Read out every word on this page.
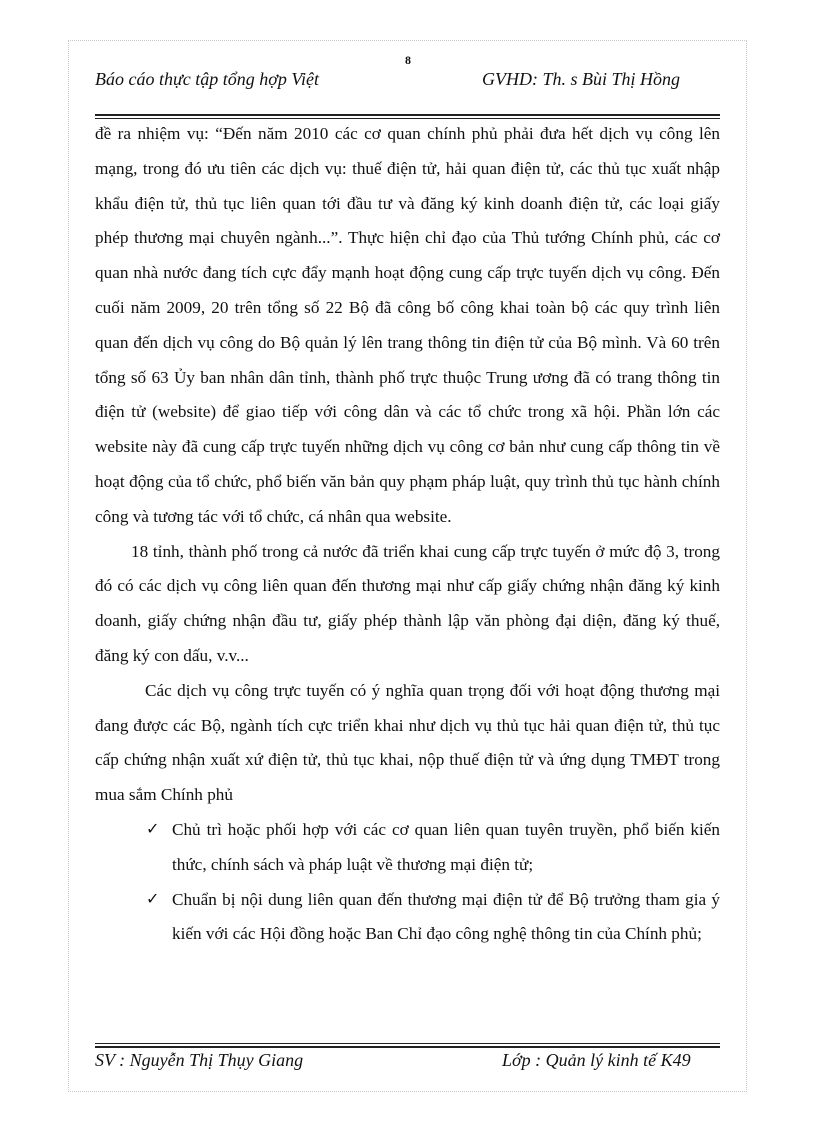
8
Báo cáo thực tập tổng hợp Việt	GVHD: Th. s Bùi Thị Hồng

đề ra nhiệm vụ: “Đến năm 2010 các cơ quan chính phủ phải đưa hết dịch vụ công lên mạng, trong đó ưu tiên các dịch vụ: thuế điện tử, hải quan điện tử, các thủ tục xuất nhập khẩu điện tử, thủ tục liên quan tới đầu tư và đăng ký kinh doanh điện tử, các loại giấy phép thương mại chuyên ngành...”. Thực hiện chỉ đạo của Thủ tướng Chính phủ, các cơ quan nhà nước đang tích cực đẩy mạnh hoạt động cung cấp trực tuyến dịch vụ công. Đến cuối năm 2009, 20 trên tổng số 22 Bộ đã công bố công khai toàn bộ các quy trình liên quan đến dịch vụ công do Bộ quản lý lên trang thông tin điện tử của Bộ mình. Và 60 trên tổng số 63 Ủy ban nhân dân tỉnh, thành phố trực thuộc Trung ương đã có trang thông tin điện tử (website) để giao tiếp với công dân và các tổ chức trong xã hội. Phần lớn các website này đã cung cấp trực tuyến những dịch vụ công cơ bản như cung cấp thông tin về hoạt động của tổ chức, phổ biến văn bản quy phạm pháp luật, quy trình thủ tục hành chính công và tương tác với tổ chức, cá nhân qua website.

18 tỉnh, thành phố trong cả nước đã triển khai cung cấp trực tuyến ở mức độ 3, trong đó có các dịch vụ công liên quan đến thương mại như cấp giấy chứng nhận đăng ký kinh doanh, giấy chứng nhận đầu tư, giấy phép thành lập văn phòng đại diện, đăng ký thuế, đăng ký con dấu, v.v...

Các dịch vụ công trực tuyến có ý nghĩa quan trọng đối với hoạt động thương mại đang được các Bộ, ngành tích cực triển khai như dịch vụ thủ tục hải quan điện tử, thủ tục cấp chứng nhận xuất xứ điện tử, thủ tục khai, nộp thuế điện tử và ứng dụng TMĐT trong mua sắm Chính phủ

✓ Chủ trì hoặc phối hợp với các cơ quan liên quan tuyên truyền, phổ biến kiến thức, chính sách và pháp luật về thương mại điện tử;
✓ Chuẩn bị nội dung liên quan đến thương mại điện tử để Bộ trưởng tham gia ý kiến với các Hội đồng hoặc Ban Chỉ đạo công nghệ thông tin của Chính phủ;
SV : Nguyễn Thị Thụy Giang	Lớp : Quản lý kinh tế K49
